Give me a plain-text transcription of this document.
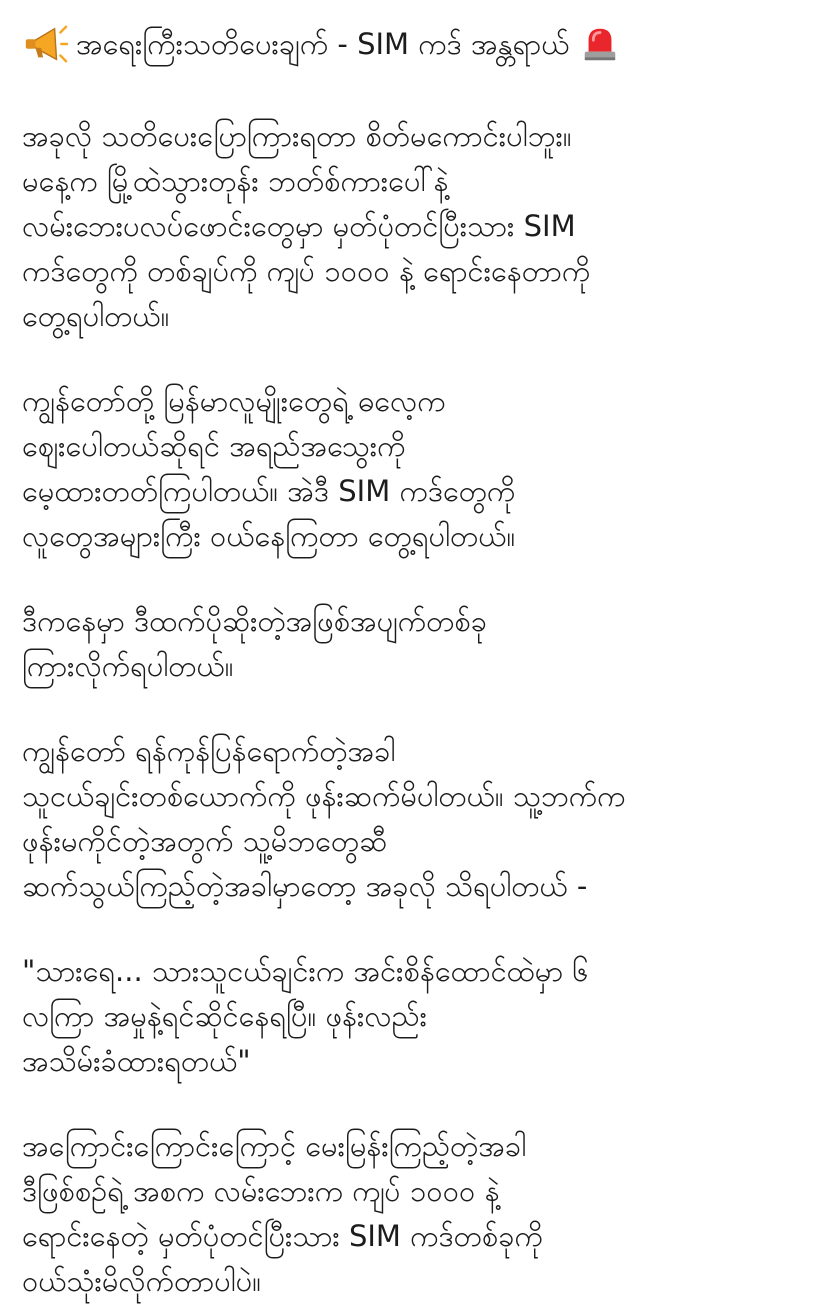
အရေးကြီးသတိပေးချက် - SIM ကဒ် အန္တရာယ်

အခုလို သတိပေးပြောကြားရတာ စိတ်မကောင်းပါဘူး။
မနေ့က မြို့ထဲသွားတုန်း ဘတ်စ်ကားပေါ်နဲ့
လမ်းဘေးပလပ်ဖောင်းတွေမှာ မှတ်ပုံတင်ပြီးသား SIM
ကဒ်တွေကို တစ်ချပ်ကို ကျပ် ၁၀၀၀ နဲ့ ရောင်းနေတာကို
တွေ့ရပါတယ်။

ကျွန်တော်တို့ မြန်မာလူမျိုးတွေရဲ့ ဓလေ့က
ဈေးပေါတယ်ဆိုရင် အရည်အသွေးကို
မေ့ထားတတ်ကြပါတယ်။ အဲဒီ SIM ကဒ်တွေကို
လူတွေအများကြီး ဝယ်နေကြတာ တွေ့ရပါတယ်။

ဒီကနေမှာ ဒီထက်ပိုဆိုးတဲ့အဖြစ်အပျက်တစ်ခု
ကြားလိုက်ရပါတယ်။

ကျွန်တော် ရန်ကုန်ပြန်ရောက်တဲ့အခါ
သူငယ်ချင်းတစ်ယောက်ကို ဖုန်းဆက်မိပါတယ်။ သူ့ဘက်က
ဖုန်းမကိုင်တဲ့အတွက် သူ့မိဘတွေဆီ
ဆက်သွယ်ကြည့်တဲ့အခါမှာတော့ အခုလို သိရပါတယ် -

"သားရေ... သားသူငယ်ချင်းက အင်းစိန်ထောင်ထဲမှာ ၆
လကြာ အမှုနဲ့ရင်ဆိုင်နေရပြီ။ ဖုန်းလည်း
အသိမ်းခံထားရတယ်"

အကြောင်းကြောင်းကြောင့် မေးမြန်းကြည့်တဲ့အခါ
ဒီဖြစ်စဉ်ရဲ့ အစက လမ်းဘေးက ကျပ် ၁၀၀၀ နဲ့
ရောင်းနေတဲ့ မှတ်ပုံတင်ပြီးသား SIM ကဒ်တစ်ခုကို
ဝယ်သုံးမိလိုက်တာပါပဲ။
